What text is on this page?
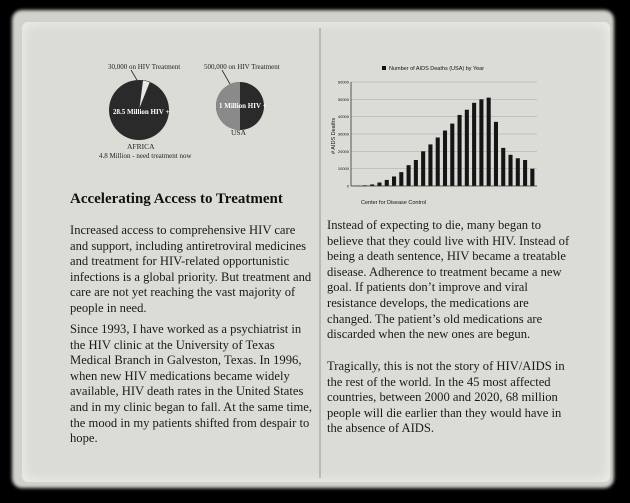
30,000 on HIV Treatment
28.5 Million HIV +
AFRICA
4.8 Million - need treatment now
500,000 on HIV Treatment
1 Million HIV +
USA
Accelerating Access to Treatment

Increased access to comprehensive HIV care and support, including antiretroviral medicines and treatment for HIV-related opportunistic infections is a global priority. But treatment and care are not yet reaching the vast majority of people in need.

Since 1993, I have worked as a psychiatrist in the HIV clinic at the University of Texas Medical Branch in Galveston, Texas. In 1996, when new HIV medications became widely available, HIV death rates in the United States and in my clinic began to fall. At the same time, the mood in my patients shifted from despair to hope.

Number of AIDS Deaths (USA) by Year
# AIDS Deaths
Center for Disease Control
60000
50000
40000
30000
20000
10000
0

Instead of expecting to die, many began to believe that they could live with HIV. Instead of being a death sentence, HIV became a treatable disease. Adherence to treatment became a new goal. If patients don’t improve and viral resistance develops, the medications are changed. The patient’s old medications are discarded when the new ones are begun.

Tragically, this is not the story of HIV/AIDS in the rest of the world. In the 45 most affected countries, between 2000 and 2020, 68 million people will die earlier than they would have in the absence of AIDS.
